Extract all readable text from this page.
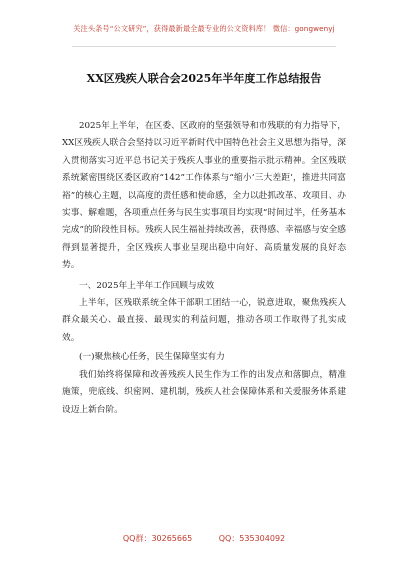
关注头条号“公文研究”，获得最新最全最专业的公文资料库！ 微信：gongwenyj
XX区残疾人联合会2025年半年度工作总结报告

2025年上半年，在区委、区政府的坚强领导和市残联的有力指导下，XX区残疾人联合会坚持以习近平新时代中国特色社会主义思想为指导，深入贯彻落实习近平总书记关于残疾人事业的重要指示批示精神。全区残联系统紧密围绕区委区政府“142”工作体系与“缩小‘三大差距’，推进共同富裕”的核心主题，以高度的责任感和使命感，全力以赴抓改革、攻项目、办实事、解难题，各项重点任务与民生实事项目均实现“时间过半，任务基本完成”的阶段性目标。残疾人民生福祉持续改善，获得感、幸福感与安全感得到显著提升，全区残疾人事业呈现出稳中向好、高质量发展的良好态势。

一、2025年上半年工作回顾与成效

上半年，区残联系统全体干部职工团结一心，锐意进取，聚焦残疾人群众最关心、最直接、最现实的利益问题，推动各项工作取得了扎实成效。

(一)聚焦核心任务，民生保障坚实有力

我们始终将保障和改善残疾人民生作为工作的出发点和落脚点，精准施策，兜底线、织密网、建机制，残疾人社会保障体系和关爱服务体系建设迈上新台阶。

QQ群：30265665	QQ：535304092
